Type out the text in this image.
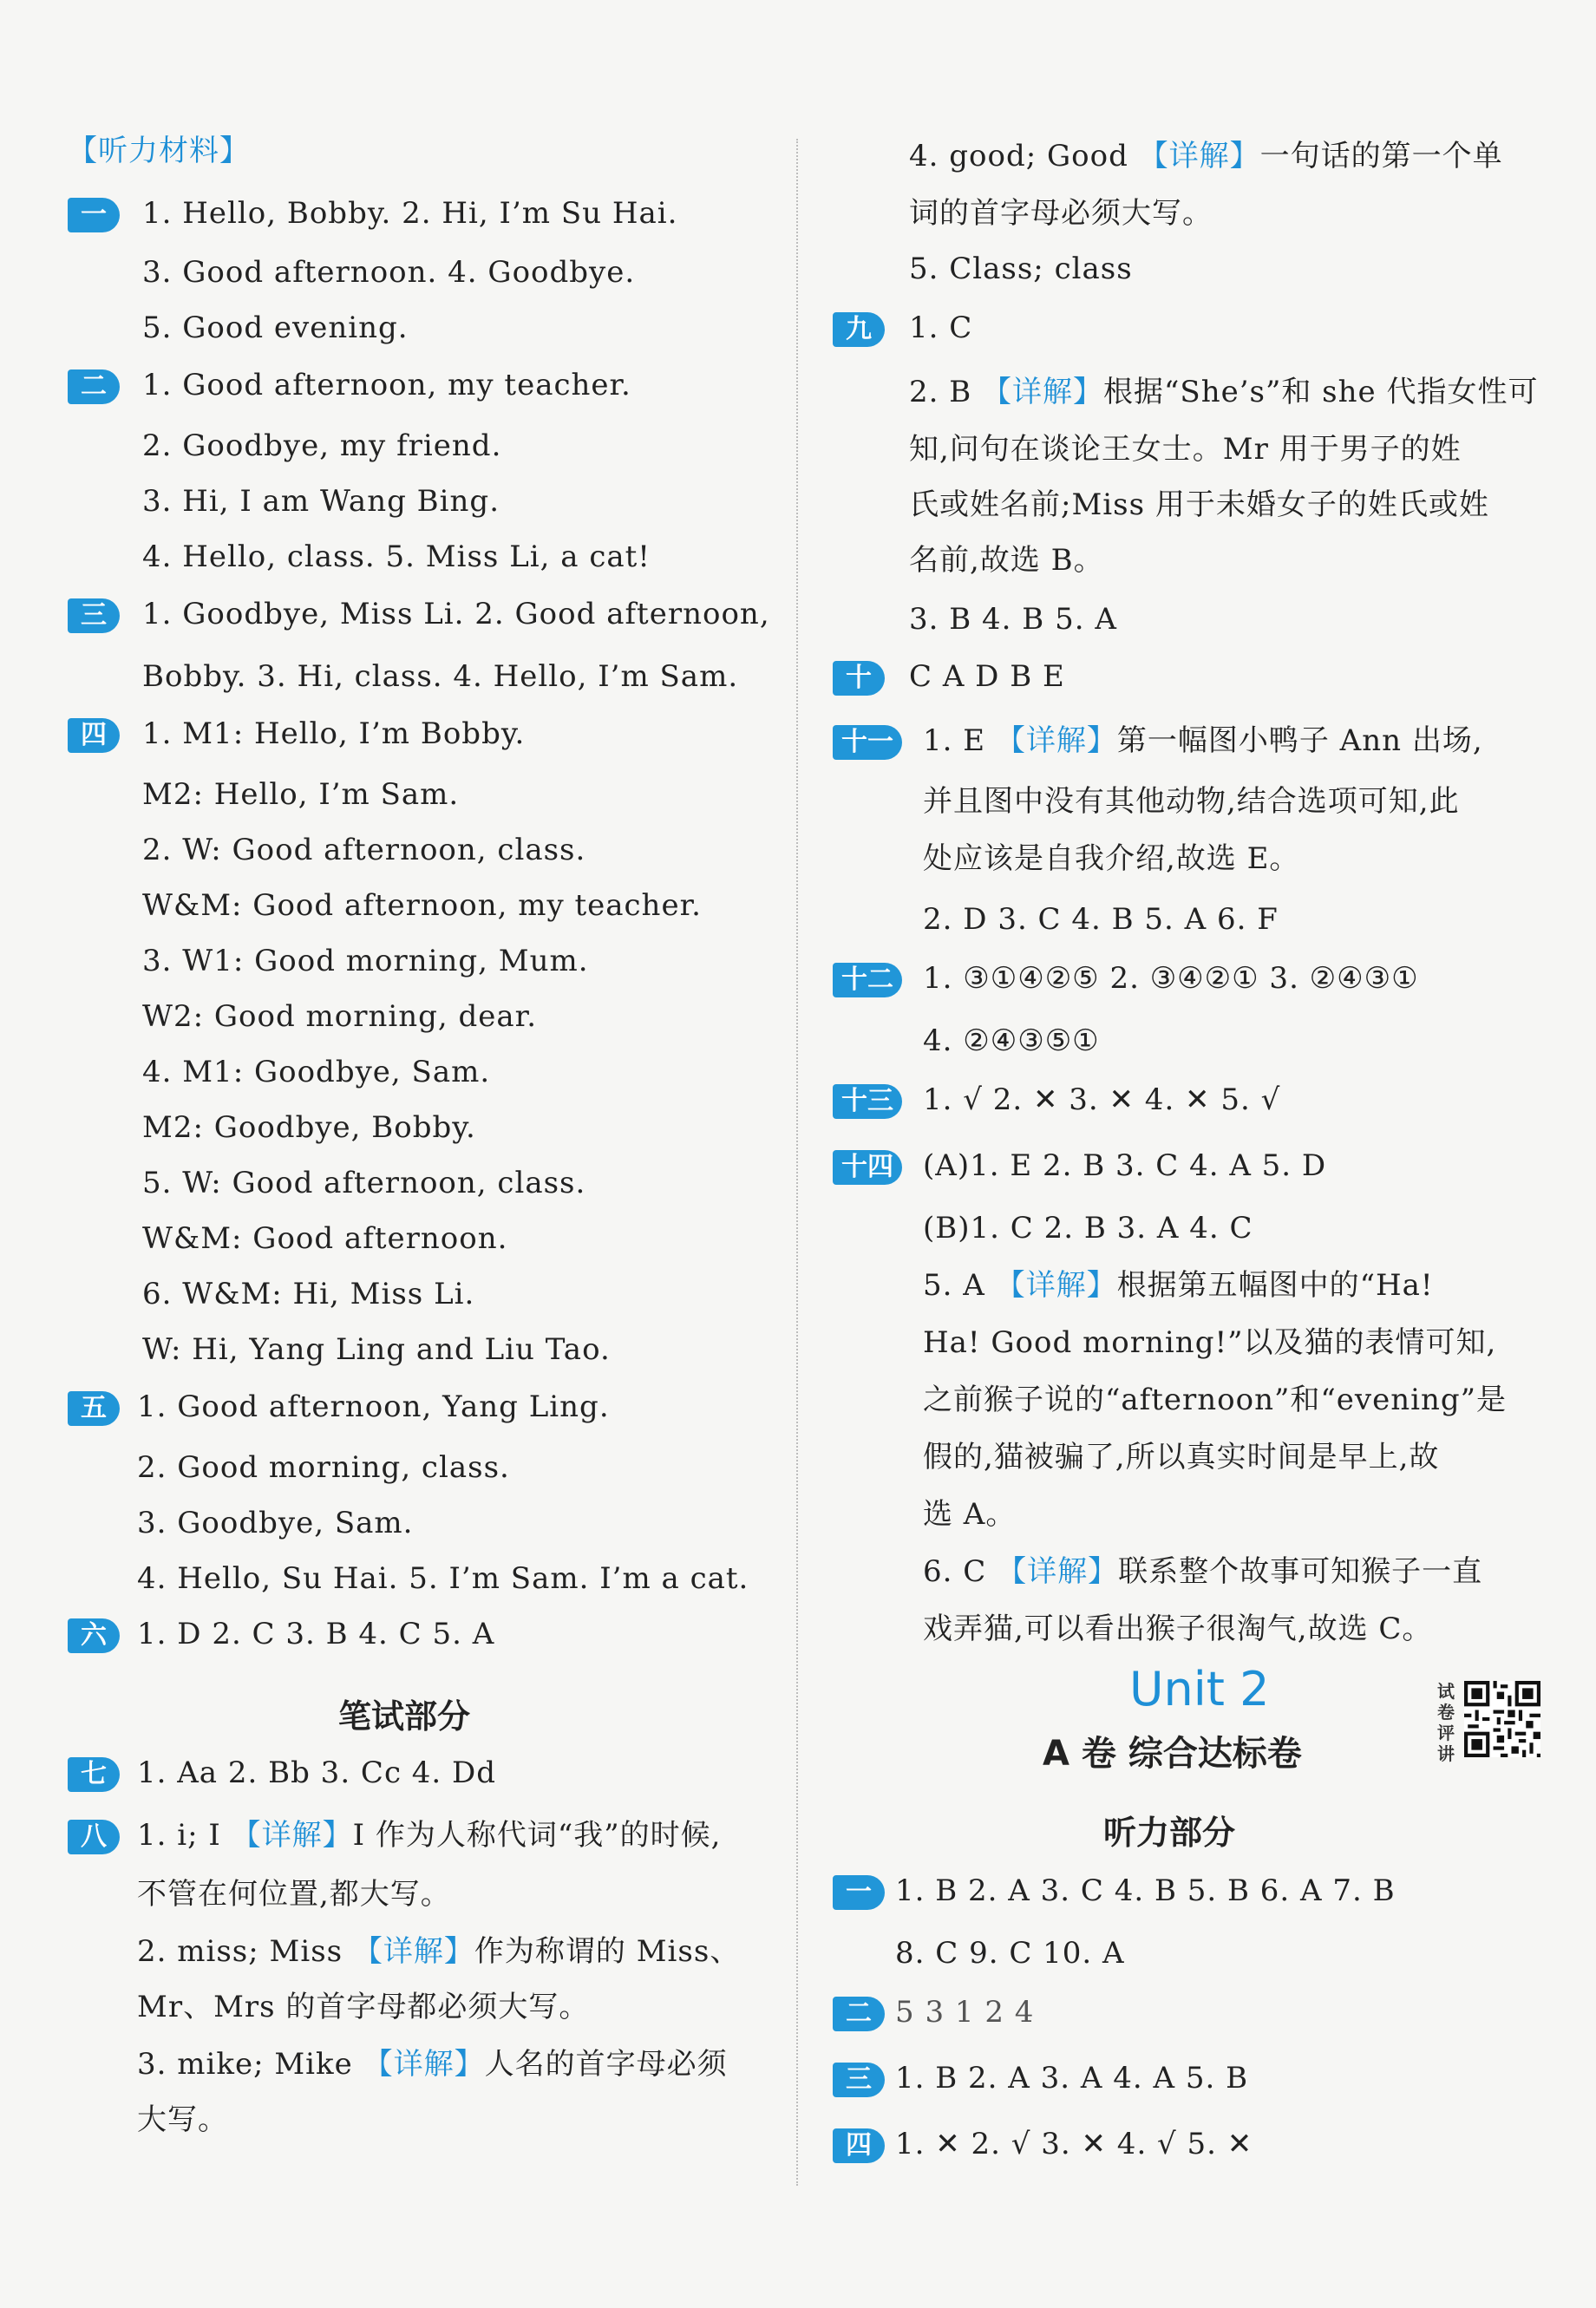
【听力材料】
一	1. Hello, Bobby. 2. Hi, I’m Su Hai.
3. Good afternoon. 4. Goodbye.
5. Good evening.
二	1. Good afternoon, my teacher.
2. Goodbye, my friend.
3. Hi, I am Wang Bing.
4. Hello, class. 5. Miss Li, a cat!
三	1. Goodbye, Miss Li. 2. Good afternoon,
Bobby. 3. Hi, class. 4. Hello, I’m Sam.
四	1. M1: Hello, I’m Bobby.
M2: Hello, I’m Sam.
2. W: Good afternoon, class.
W&M: Good afternoon, my teacher.
3. W1: Good morning, Mum.
W2: Good morning, dear.
4. M1: Goodbye, Sam.
M2: Goodbye, Bobby.
5. W: Good afternoon, class.
W&M: Good afternoon.
6. W&M: Hi, Miss Li.
W: Hi, Yang Ling and Liu Tao.
五	1. Good afternoon, Yang Ling.
2. Good morning, class.
3. Goodbye, Sam.
4. Hello, Su Hai. 5. I’m Sam. I’m a cat.
六	1. D 2. C 3. B 4. C 5. A
笔试部分
七	1. Aa 2. Bb 3. Cc 4. Dd
八	1. i; I 【详解】I 作为人称代词“我”的时候,
不管在何位置,都大写。
2. miss; Miss 【详解】作为称谓的 Miss、
Mr、Mrs 的首字母都必须大写。
3. mike; Mike 【详解】人名的首字母必须
大写。
4. good; Good 【详解】一句话的第一个单
词的首字母必须大写。
5. Class; class
九	1. C
2. B 【详解】根据“She’s”和 she 代指女性可
知,问句在谈论王女士。Mr 用于男子的姓
氏或姓名前;Miss 用于未婚女子的姓氏或姓
名前,故选 B。
3. B 4. B 5. A
十	C A D B E
十一 1. E 【详解】第一幅图小鸭子 Ann 出场,
并且图中没有其他动物,结合选项可知,此
处应该是自我介绍,故选 E。
2. D 3. C 4. B 5. A 6. F
十二 1. ③①④②⑤ 2. ③④②① 3. ②④③①
4. ②④③⑤①
十三 1. √ 2. ✕ 3. ✕ 4. ✕ 5. √
十四 (A)1. E 2. B 3. C 4. A 5. D
(B)1. C 2. B 3. A 4. C
5. A 【详解】根据第五幅图中的“Ha!
Ha! Good morning!”以及猫的表情可知,
之前猴子说的“afternoon”和“evening”是
假的,猫被骗了,所以真实时间是早上,故
选 A。
6. C 【详解】联系整个故事可知猴子一直
戏弄猫,可以看出猴子很淘气,故选 C。
Unit 2	试卷评讲
A 卷 综合达标卷
听力部分
一 1. B 2. A 3. C 4. B 5. B 6. A 7. B
8. C 9. C 10. A
二 5 3 1 2 4
三 1. B 2. A 3. A 4. A 5. B
四 1. ✕ 2. √ 3. ✕ 4. √ 5. ✕
